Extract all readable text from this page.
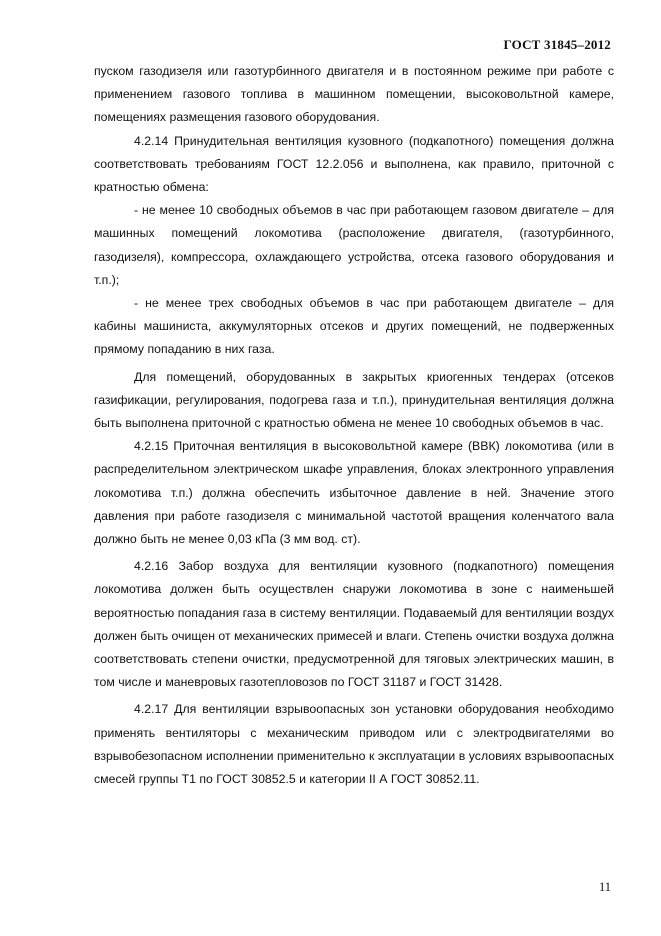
ГОСТ 31845–2012

пуском газодизеля или газотурбинного двигателя и в постоянном режиме при работе с применением газового топлива в машинном помещении, высоковольтной камере, помещениях размещения газового оборудования.

4.2.14 Принудительная вентиляция кузовного (подкапотного) помещения должна соответствовать требованиям ГОСТ 12.2.056 и выполнена, как правило, приточной с кратностью обмена:

- не менее 10 свободных объемов в час при работающем газовом двигателе – для машинных помещений локомотива (расположение двигателя, (газотурбинного, газодизеля), компрессора, охлаждающего устройства, отсека газового оборудования и т.п.);

- не менее трех свободных объемов в час при работающем двигателе – для кабины машиниста, аккумуляторных отсеков и других помещений, не подверженных прямому попаданию в них газа.

Для помещений, оборудованных в закрытых криогенных тендерах (отсеков газификации, регулирования, подогрева газа и т.п.), принудительная вентиляция должна быть выполнена приточной с кратностью обмена не менее 10 свободных объемов в час.

4.2.15 Приточная вентиляция в высоковольтной камере (ВВК) локомотива (или в распределительном электрическом шкафе управления, блоках электронного управления локомотива т.п.) должна обеспечить избыточное давление в ней. Значение этого давления при работе газодизеля с минимальной частотой вращения коленчатого вала должно быть не менее 0,03 кПа (3 мм вод. ст).

4.2.16 Забор воздуха для вентиляции кузовного (подкапотного) помещения локомотива должен быть осуществлен снаружи локомотива в зоне с наименьшей вероятностью попадания газа в систему вентиляции. Подаваемый для вентиляции воздух должен быть очищен от механических примесей и влаги. Степень очистки воздуха должна соответствовать степени очистки, предусмотренной для тяговых электрических машин, в том числе и маневровых газотепловозов по ГОСТ 31187 и ГОСТ 31428.

4.2.17 Для вентиляции взрывоопасных зон установки оборудования необходимо применять вентиляторы с механическим приводом или с электродвигателями во взрывобезопасном исполнении применительно к эксплуатации в условиях взрывоопасных смесей группы Т1 по ГОСТ 30852.5 и категории II А ГОСТ 30852.11.

11
